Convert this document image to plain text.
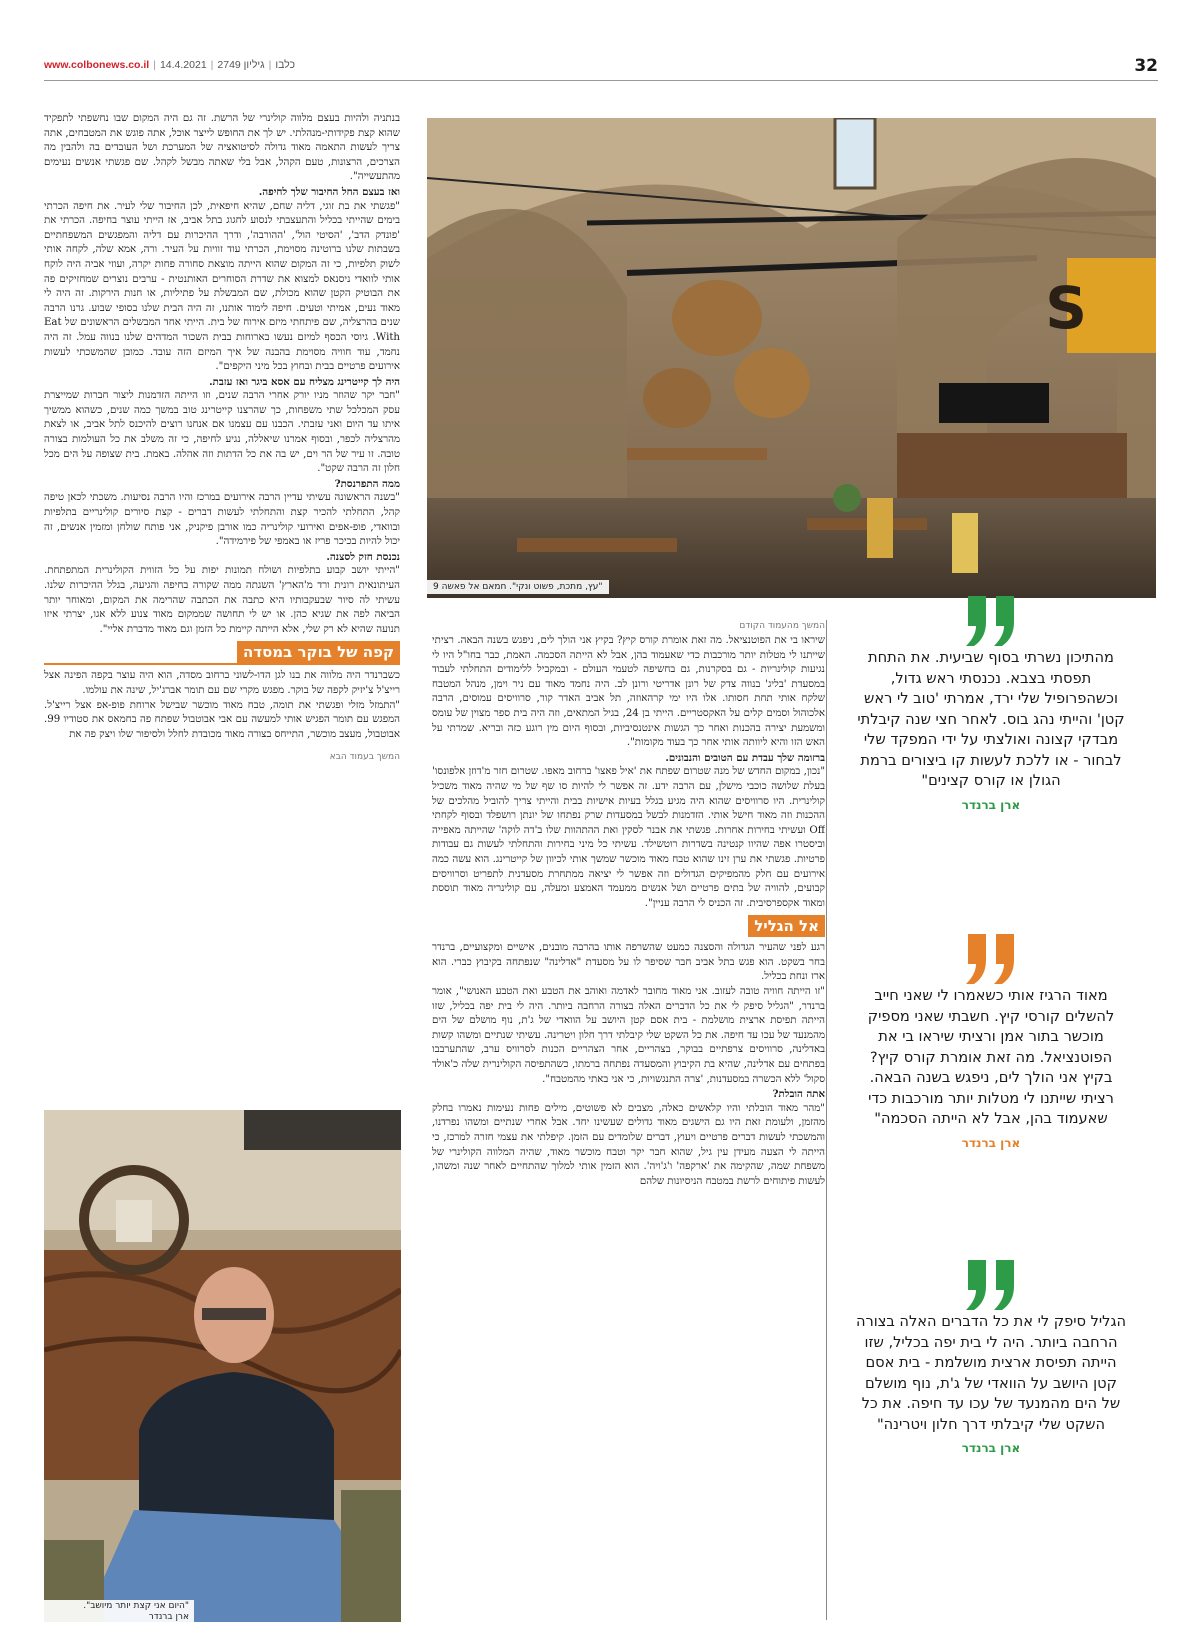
www.colbonews.co.il |	כלבו|גיליון 2749|14.4.2021	32

בנתניה ולהיות בעצם מלווה קולינרי של הרשת. זה גם היה המקום שבו נחשפתי לתפקיד שהוא קצת פקידותי-מנהלתי. יש לך את החופש לייצר אוכל, אתה פוגש את המטבחים, אתה צריך לעשות התאמה מאוד גדולה לסיטואציה של המערכת ושל העובדים בה ולהבין מה הצרכים, הרצונות, טעם הקהל, אבל בלי שאתה מבשל לקהל. שם פגשתי אנשים נעימים מהתעשייה".

ואז בעצם החל החיבור שלך לחיפה.

"פגשתי את בת זוגי, דליה שחם, שהיא חיפאית, לכן החיבור שלי לעיר. את חיפה הכרתי בימים שהייתי בכליל והתעצבתי לנסוע לחגוג בתל אביב, אז הייתי עוצר בחיפה. הכרתי את 'פונדק הדב', 'הסיטי הול', 'ההורבה', ודרך ההיכרות עם דליה והמפגשים המשפחתיים בשבתות שלנו ברוטינה מסוימת, הכרתי עוד זוויות על העיר. ורה, אמא שלה, לקחה אותי לשוק תלפיות, כי זה המקום שהוא הייתה מוצאת סחורה פחות יקרה, ועוזי אביה היה לוקח אותי לוואדי ניסנאס למצוא את שדרת הסוחרים האותנטית - ערבים נוצרים שמחזיקים פה את הבוטיק הקטן שהוא מכולת, שם המבשלת על פתיליות, או חנות הירקות. זה היה לי מאוד נעים, אמיתי וטעים. חיפה לימוד אותנו, זה היה הבית שלנו בסופי שבוע. גרנו הרבה שנים בהרצליה, שם פיתחתי מיזם אירוח של בית. הייתי אחד המבשלים הראשונים של Eat With. גיוסי הכסף למיזם נעשו בארוחות בבית השכור המדהים שלנו בנווה עמל. זה היה נחמד, עוד חוויה מסוימת בהבנה של איך המיזם הזה עובד. כמובן שהמשכתי לעשות אירועים פרטיים בבית ובחוץ בכל מיני היקפים".

היה לך קייטרינג מצליח עם אסא ביגר ואז עזבת.

"חבר יקר שהוזר מניו יורק אחרי הרבה שנים, וזו הייתה הזדמנות ליצור חברות שמייצרת עסק המכלכל שתי משפחות, כך שהרצנו קייטרינג טוב במשך כמה שנים, כשהוא ממשיך איתו עד היום ואני עזבתי. הכבנו עם עצמנו אם אנחנו רוצים להיכנס לתל אביב, או לצאת מהרצליה לכפר, ובסוף אמרנו שיאללה, נגיע לחיפה, כי זה משלב את כל העולמות בצורה טובה. זו עיר של הר וים, יש בה את כל הדתות וזה אהלה. באמת. בית שצופה על הים מכל חלון זה הרבה שקט".

ממה התפרנסת?

"בשנה הראשונה עשיתי עדיין הרבה אירועים במרכז והיו הרבה נסיעות. משכתי לכאן טיפה קהל, התחלתי להכיר קצת והתחלתי לעשות דברים - קצת סיורים קולינריים בתלפיות ובוואדי, פופ-אפים ואירועי קולינריה כמו אורבן פיקניק, אני פותח שולחן ומזמין אנשים, זה יכול להיות בכיכר פריז או באמפי של פירמידה".

נכנסת חזק לסצנה.

"הייתי יושב קבוע בתלפיות ושולח תמונות יפות על כל הזווית הקולינרית המתפתחת. העיתונאית רונית ורד מ'הארץ' השגתה ממה שקורה בחיפה והגיעה, בגלל ההיכרות שלנו. עשיתי לה סיור שבעקבותיו היא כתבה את הכתבה שהרימה את המקום, ומאוחר יותר הביאה לפה את שגיא כהן. או יש לי תחושה שממקום מאוד צנוע ללא אגו, יצרתי איזו תנועה שהיא לא רק שלי, אלא הייתה קיימת כל הזמן וגם מאוד מדברת אליי".

קפה של בוקר במסדה

כשברנדר היה מלווה את בנו לגן הדו-לשוני ברחוב מסדה, הוא היה עוצר בקפה הפינה אצל רייצ'ל צ'יזיק לקפה של בוקר. מפגש מקרי שם עם תומר אברג'יל, שינה את עולמו.

"התמזל מזלי ופגשתי את תומה, טבח מאוד מוכשר שבישל ארוחת פופ-אפ אצל רייצ'ל. המפגש עם תומר הפגיש אותי למעשה עם אבי אבוטבול שפתח פה בחמאס את סטודיו 99. אבוטבול, מעצב מוכשר, התייחס בצורה מאוד מכובדת לחלל ולסיפור שלו ויצק פה את

המשך בעמוד הבא
S
"עץ, מתכת, פשוט ונקי". חמאם אל פאשה 9
"היום אני קצת יותר מיושב".
ארן ברנדר
המשך מהעמוד הקודם

שיראו בי את הפוטנציאל. מה זאת אומרת קורס קיץ? בקיץ אני הולך לים, ניפגש בשנה הבאה. רציתי שייתנו לי מטלות יותר מורכבות כדי שאעמוד בהן, אבל לא הייתה הסכמה. האמת, כבר בחו"ל היו לי נגיעות קולינריות - גם בסקרנות, גם בחשיפה לטעמי העולם - ובמקביל ללימודים התחלתי לעבוד במסעדת 'בליג' בנווה צדק של רונן אדריטי ורונן לב. היה נחמד מאוד עם ניר וימן, מנהל המטבח שלקח אותי תחת חסותו. אלו היו ימי קרהאוזה, תל אביב האדר קור, סרוויסים עמוסים, הרבה אלכוהול וסמים קלים על האקסטריים. הייתי בן 24, בגיל המתאים, וזה היה בית ספר מצוין של עומס ומשמעת יצירה בהכנות ואחר כך הגשות אינטנסיביות, ובסוף היום מין רוגע כזה ובריא. שמרתי על האש הזו והיא ליוותה אותי אחר כך בעוד מקומות".

ברזומה שלך עבדת עם הטובים והנבונים.

"נכון, במקום החדש של מנה שטרום שפתח את 'איל פאצו' ברחוב מאפו. שטרום חזר מ'דוזן אלפונסו' בעלת שלושה כוכבי מישלן, עם הרבה ידע. זה אפשר לי להיות סו שף של מי שהיה מאוד משכיל קולינרית. היו סרוויסים שהוא היה מגיע בגלל בעיות אישיות בבית והייתי צריך להוביל מהלכים של ההכנות וזה מאוד חישל אותי. הזדמנות לבשל במסעדות שרק נפתחו של יונתן רושפלד ובסוף לקחתי Off ועשיתי בחירות אחרות. פגשתי את אבנר לסקין ואת ההתהוות שלו ב'דה לוקה' שהייתה מאפייה וביסטרו אפה שהיוו קנטינה בשדרות רוטשילד. עשיתי כל מיני בחירות והתחלתי לעשות גם עבודות פרטיות. פגשתי את ערן זינו שהוא טבח מאוד מוכשר שמשך אותי לכיוון של קייטרינג. הוא עשה כמה אירועים עם חלק מהמפיקים הגדולים וזה אפשר לי יציאה ממתחרת מסעדנית לתפריט וסרוויסים קבועים, להוויה של בתים פרטיים ושל אנשים ממעמד האמצע ומעלה, עם קולינריה מאוד תוססת ומאוד אקספרסיבית. זה הכניס לי הרבה עניין".

אל הגליל

רגע לפני שהעיר הגדולה והסצנה כמעט שהשרפה אותו בהרבה מובנים, אישיים ומקצועיים, ברנדר בחר בשקט. הוא פגש בתל אביב חבר שסיפר לו על מסעדת "אדלינה" שנפתחה בקיבוץ כברי. הוא ארז ונחת בכליל.

"זו הייתה חוויה טובה לעזוב. אני מאוד מחובר לאדמה ואוהב את הטבע ואת הטבע האנושי", אומר ברנדר, "הגליל סיפק לי את כל הדברים האלה בצורה הרחבה ביותר. היה לי בית יפה בכליל, שזו הייתה תפיסת ארצית מושלמת - בית אסם קטן היושב על הוואדי של ג'ת, נוף מושלם של הים מהמנעד של עכו עד חיפה. את כל השקט שלי קיבלתי דרך חלון ויטרינה. עשיתי שנתיים ומשהו קשות באדלינה, סרוויסים צרפתיים בבוקר, בצהריים, אחר הצהריים הכנות לסרוויס ערב, שהתערבבו בפתחים עם אדלינה, שהיא בת הקיבוץ והמסעדה נפתחה ברמתו, כשהתפיסה הקולינרית שלה כ'אולד סקול' ללא הכשרה במסעדנות, 'צרה התנגשויות, כי אני באתי מהמטבח".

אתה הובלת?

"מהר מאוד הובלתי והיו קלאשים כאלה, מצבים לא פשוטים, מילים פחות נעימות נאמרו בחלק מהזמן, ולעומת זאת היו גם הישגים מאוד גדולים שעשינו יחד. אבל אחרי שנתיים ומשהו נפרדנו, והמשכתי לעשות דברים פרטיים ויעוץ, דברים שלומדים עם הזמן. קיפלתי את עצמי חזרה למרכז, כי הייתה לי הצעה מעידן עין גיל, שהוא חבר יקר וטבח מוכשר מאוד, שהיה המלווה הקולינרי של משפחת שמה, שהקימה את 'ארקפה' ו'ג'ויה'. הוא הזמין אותי למלוך שהתחיים לאחר שנה ומשהו, לעשות פיתוחים לרשת במטבח הניסיונות שלהם

מהתיכון נשרתי בסוף שביעית. את התחת תפסתי בצבא. נכנסתי ראש גדול, וכשהפרופיל שלי ירד, אמרתי 'טוב לי ראש קטן' והייתי נהג בוס. לאחר חצי שנה קיבלתי מבדקי קצונה ואולצתי על ידי המפקד שלי לבחור - או ללכת לעשות קו ביצורים ברמת הגולן או קורס קצינים"
ארן ברנדר
מאוד הרגיז אותי כשאמרו לי שאני חייב להשלים קורסי קיץ. חשבתי שאני מספיק מוכשר בתור אמן ורציתי שיראו בי את הפוטנציאל. מה זאת אומרת קורס קיץ? בקיץ אני הולך לים, ניפגש בשנה הבאה. רציתי שייתנו לי מטלות יותר מורכבות כדי שאעמוד בהן, אבל לא הייתה הסכמה"
ארן ברנדר
הגליל סיפק לי את כל הדברים האלה בצורה הרחבה ביותר. היה לי בית יפה בכליל, שזו הייתה תפיסת ארצית מושלמת - בית אסם קטן היושב על הוואדי של ג'ת, נוף מושלם של הים מהמנעד של עכו עד חיפה. את כל השקט שלי קיבלתי דרך חלון ויטרינה"
ארן ברנדר
